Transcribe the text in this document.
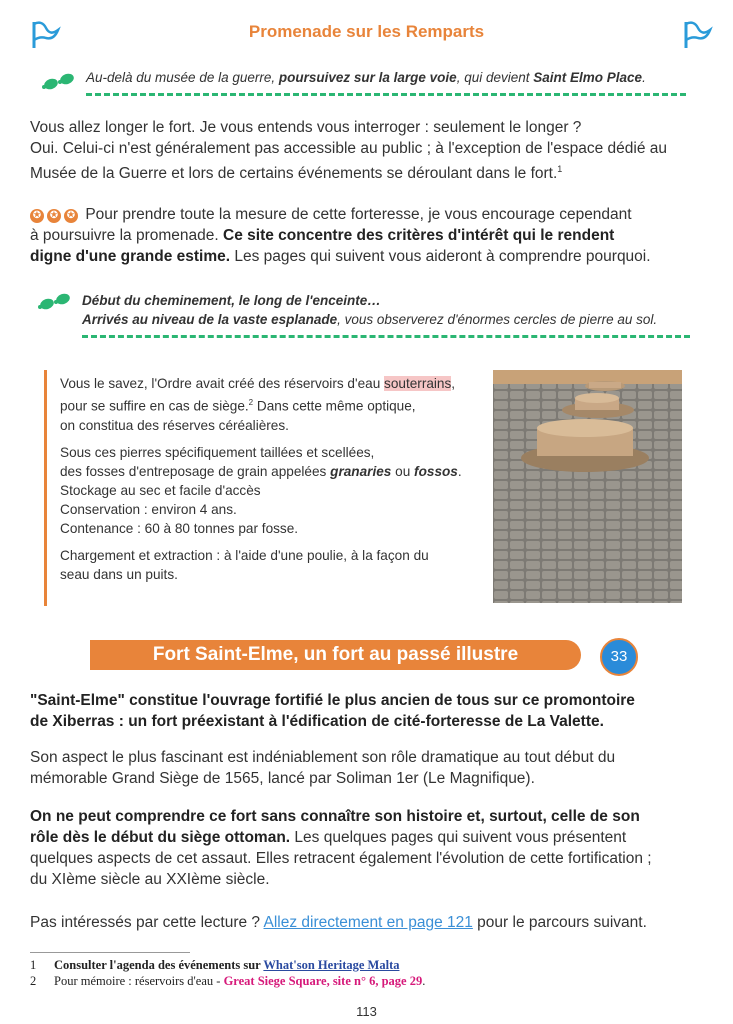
Promenade sur les Remparts
Au-delà du musée de la guerre, poursuivez sur la large voie, qui devient Saint Elmo Place.
Vous allez longer le fort. Je vous entends vous interroger : seulement le longer ?
Oui. Celui-ci n'est généralement pas accessible au public ; à l'exception de l'espace dédié au
Musée de la Guerre et lors de certains événements se déroulant dans le fort.$^1$
✪ ✪ ✪ Pour prendre toute la mesure de cette forteresse, je vous encourage cependant
à poursuivre la promenade. Ce site concentre des critères d'intérêt qui le rendent
digne d'une grande estime. Les pages qui suivent vous aideront à comprendre pourquoi.
Début du cheminement, le long de l'enceinte…
Arrivés au niveau de la vaste esplanade, vous observerez d'énormes cercles de pierre au sol.
Vous le savez, l'Ordre avait créé des réservoirs d'eau souterrains,
pour se suffire en cas de siège.$^2$ Dans cette même optique,
on constitua des réserves céréalières.
Sous ces pierres spécifiquement taillées et scellées,
des fosses d'entreposage de grain appelées granaries ou fossos.
Stockage au sec et facile d'accès
Conservation : environ 4 ans.
Contenance : 60 à 80 tonnes par fosse.
Chargement et extraction : à l'aide d'une poulie, à la façon du
seau dans un puits.
Fort Saint-Elme, un fort au passé illustre	33
"Saint-Elme" constitue l'ouvrage fortifié le plus ancien de tous sur ce promontoire
de Xiberras : un fort préexistant à l'édification de cité-forteresse de La Valette.
Son aspect le plus fascinant est indéniablement son rôle dramatique au tout début du
mémorable Grand Siège de 1565, lancé par Soliman 1er (Le Magnifique).
On ne peut comprendre ce fort sans connaître son histoire et, surtout, celle de son
rôle dès le début du siège ottoman. Les quelques pages qui suivent vous présentent
quelques aspects de cet assaut. Elles retracent également l'évolution de cette fortification ;
du XIème siècle au XXIème siècle.
Pas intéressés par cette lecture ? Allez directement en page 121 pour le parcours suivant.
1 Consulter l'agenda des événements sur What'son Heritage Malta
2 Pour mémoire : réservoirs d'eau - Great Siege Square, site n° 6, page 29.
113
